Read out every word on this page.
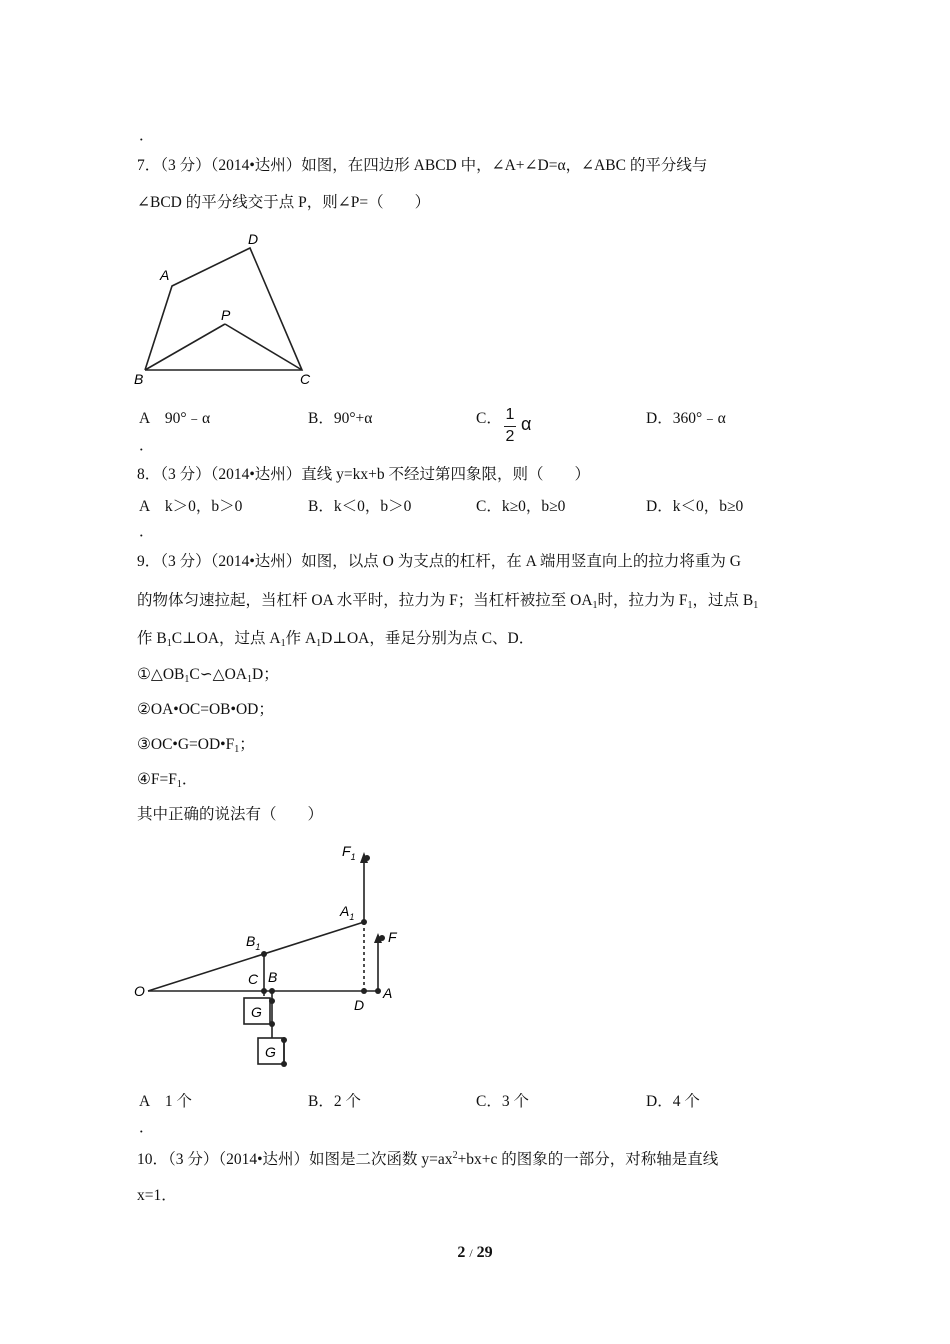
．
7．（3 分）（2014•达州）如图，在四边形 ABCD 中，∠A+∠D=α，∠ABC 的平分线与
∠BCD 的平分线交于点 P，则∠P=（　　）
A
D
P
B	C
A　90°﹣α	B．90°+α	C． 1
2
α	D．360°﹣α
．
8．（3 分）（2014•达州）直线 y=kx+b 不经过第四象限，则（　　）
A　k＞0，b＞0	B．k＜0，b＞0	C．k≥0，b≥0	D．k＜0，b≥0
．
9．（3 分）（2014•达州）如图，以点 O 为支点的杠杆，在 A 端用竖直向上的拉力将重为 G
的物体匀速拉起，当杠杆 OA 水平时，拉力为 F；当杠杆被拉至 $OA_1$时，拉力为 $F_1$，过点 $B_1$
作 $B_1C\perp OA$，过点 $A_1$作 $A_1D\perp OA$，垂足分别为点 C、D．
$①\triangle OB_1C∽\triangle OA_1D$；
②OA•OC=OB•OD；
$③OC•G=OD•F_1$；
$④F=F_1$．
其中正确的说法有（　　）
$F_1$
$A_1$
$B_1$
F
C B
O
D
A
G
G
A　1 个	B．2 个	C．3 个	D．4 个
．
10．（3 分）（2014•达州）如图是二次函数 $y=ax^2+bx+c$ 的图象的一部分，对称轴是直线
x=1．
2 / 29
